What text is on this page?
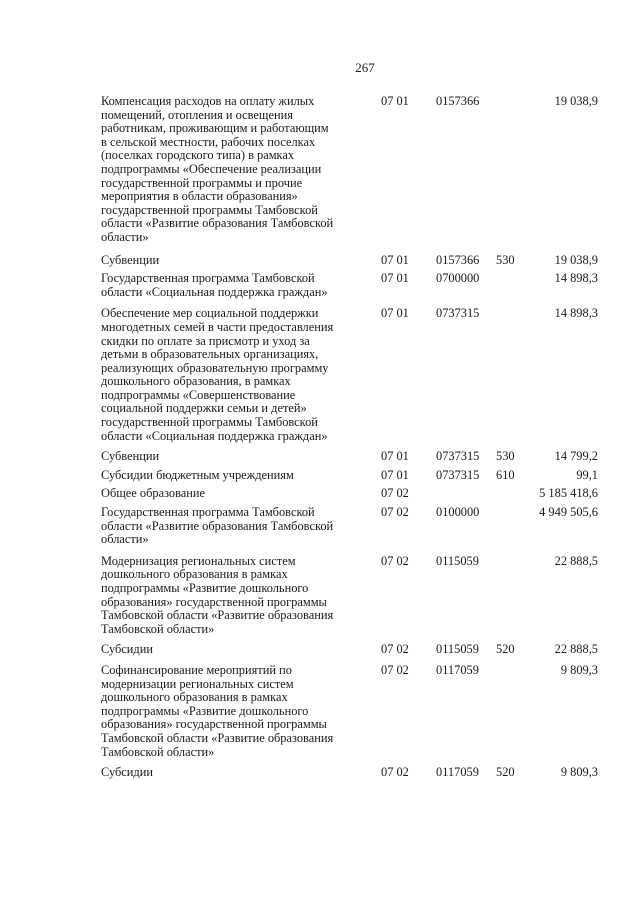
267
Компенсация расходов на оплату жилых
помещений, отопления и освещения
работникам, проживающим и работающим
в сельской местности, рабочих поселках
(поселках городского типа) в рамках
подпрограммы «Обеспечение реализации
государственной программы и прочие
мероприятия в области образования»
государственной программы Тамбовской
области «Развитие образования Тамбовской
области»
07 01 0157366	19 038,9
Субвенции	07 01 0157366 530	19 038,9
Государственная программа Тамбовской
области «Социальная поддержка граждан»
07 01 0700000	14 898,3
Обеспечение мер социальной поддержки
многодетных семей в части предоставления
скидки по оплате за присмотр и уход за
детьми в образовательных организациях,
реализующих образовательную программу
дошкольного образования, в рамках
подпрограммы «Совершенствование
социальной поддержки семьи и детей»
государственной программы Тамбовской
области «Социальная поддержка граждан»
07 01 0737315	14 898,3
Субвенции	07 01 0737315 530	14 799,2
Субсидии бюджетным учреждениям	07 01 0737315 610	99,1
Общее образование	07 02	5 185 418,6
Государственная программа Тамбовской
области «Развитие образования Тамбовской
области»
07 02 0100000	4 949 505,6
Модернизация региональных систем
дошкольного образования в рамках
подпрограммы «Развитие дошкольного
образования» государственной программы
Тамбовской области «Развитие образования
Тамбовской области»
07 02 0115059	22 888,5
Субсидии	07 02 0115059 520	22 888,5
Софинансирование мероприятий по
модернизации региональных систем
дошкольного образования в рамках
подпрограммы «Развитие дошкольного
образования» государственной программы
Тамбовской области «Развитие образования
Тамбовской области»
07 02 0117059	9 809,3
Субсидии	07 02 0117059 520	9 809,3
